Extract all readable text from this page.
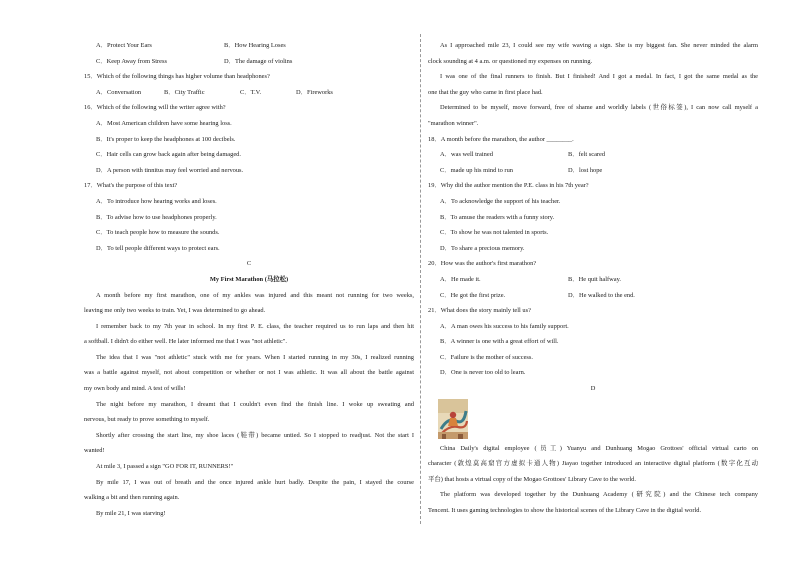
A．Protect Your Ears	B．How Hearing Loses
C．Keep Away from Stress	D．The damage of violins
15．Which of the following things has higher volume than headphones?
A．Conversation	B．City Traffic	C．T.V.	D．Fireworks
16．Which of the following will the writer agree with?
A．Most American children have some hearing loss.
B．It's proper to keep the headphones at 100 decibels.
C．Hair cells can grow back again after being damaged.
D．A person with tinnitus may feel worried and nervous.
17．What's the purpose of this text?
A．To introduce how hearing works and loses.
B．To advise how to use headphones properly.
C．To teach people how to measure the sounds.
D．To tell people different ways to protect ears.
C
My First Marathon (马拉松)
A month before my first marathon, one of my ankles was injured and this meant not running for two weeks,
leaving me only two weeks to train. Yet, I was determined to go ahead.
I remember back to my 7th year in school. In my first P. E. class, the teacher required us to run laps and then hit
a softball. I didn't do either well. He later informed me that I was "not athletic".
The idea that I was "not athletic" stuck with me for years. When I started running in my 30s, I realized running
was a battle against myself, not about competition or whether or not I was athletic. It was all about the battle against
my own body and mind. A test of wills!
The night before my marathon, I dreamt that I couldn't even find the finish line. I woke up sweating and
nervous, but ready to prove something to myself.
Shortly after crossing the start line, my shoe laces (鞋带) became untied. So I stopped to readjust. Not the start I
wanted!
At mile 3, I passed a sign "GO FOR IT, RUNNERS!"
By mile 17, I was out of breath and the once injured ankle hurt badly. Despite the pain, I stayed the course
walking a bit and then running again.
By mile 21, I was starving!
As I approached mile 23, I could see my wife waving a sign. She is my biggest fan. She never minded the alarm
clock sounding at 4 a.m. or questioned my expenses on running.
I was one of the final runners to finish. But I finished! And I got a medal. In fact, I got the same medal as the
one that the guy who came in first place had.
Determined to be myself, move forward, free of shame and worldly labels (世俗标签), I can now call myself a
"marathon winner".
18．A month before the marathon, the author ________.
A．was well trained	B．felt scared
C．made up his mind to run	D．lost hope
19．Why did the author mention the P.E. class in his 7th year?
A．To acknowledge the support of his teacher.
B．To amuse the readers with a funny story.
C．To show he was not talented in sports.
D．To share a precious memory.
20．How was the author's first marathon?
A．He made it.	B．He quit halfway.
C．He got the first prize.	D．He walked to the end.
21．What does the story mainly tell us?
A．A man owes his success to his family support.
B．A winner is one with a great effort of will.
C．Failure is the mother of success.
D．One is never too old to learn.
D
China Daily's digital employee (员工) Yuanyu and Dunhuang Mogao Grottoes' official virtual carto on
character (敦煌莫高窟官方虚拟卡通人物) Jiayao together introduced an interactive digital platform (数字化互动
平台) that hosts a virtual copy of the Mogao Grottoes' Library Cave to the world.
The platform was developed together by the Dunhuang Academy (研究院) and the Chinese tech company
Tencent. It uses gaming technologies to show the historical scenes of the Library Cave in the digital world.
